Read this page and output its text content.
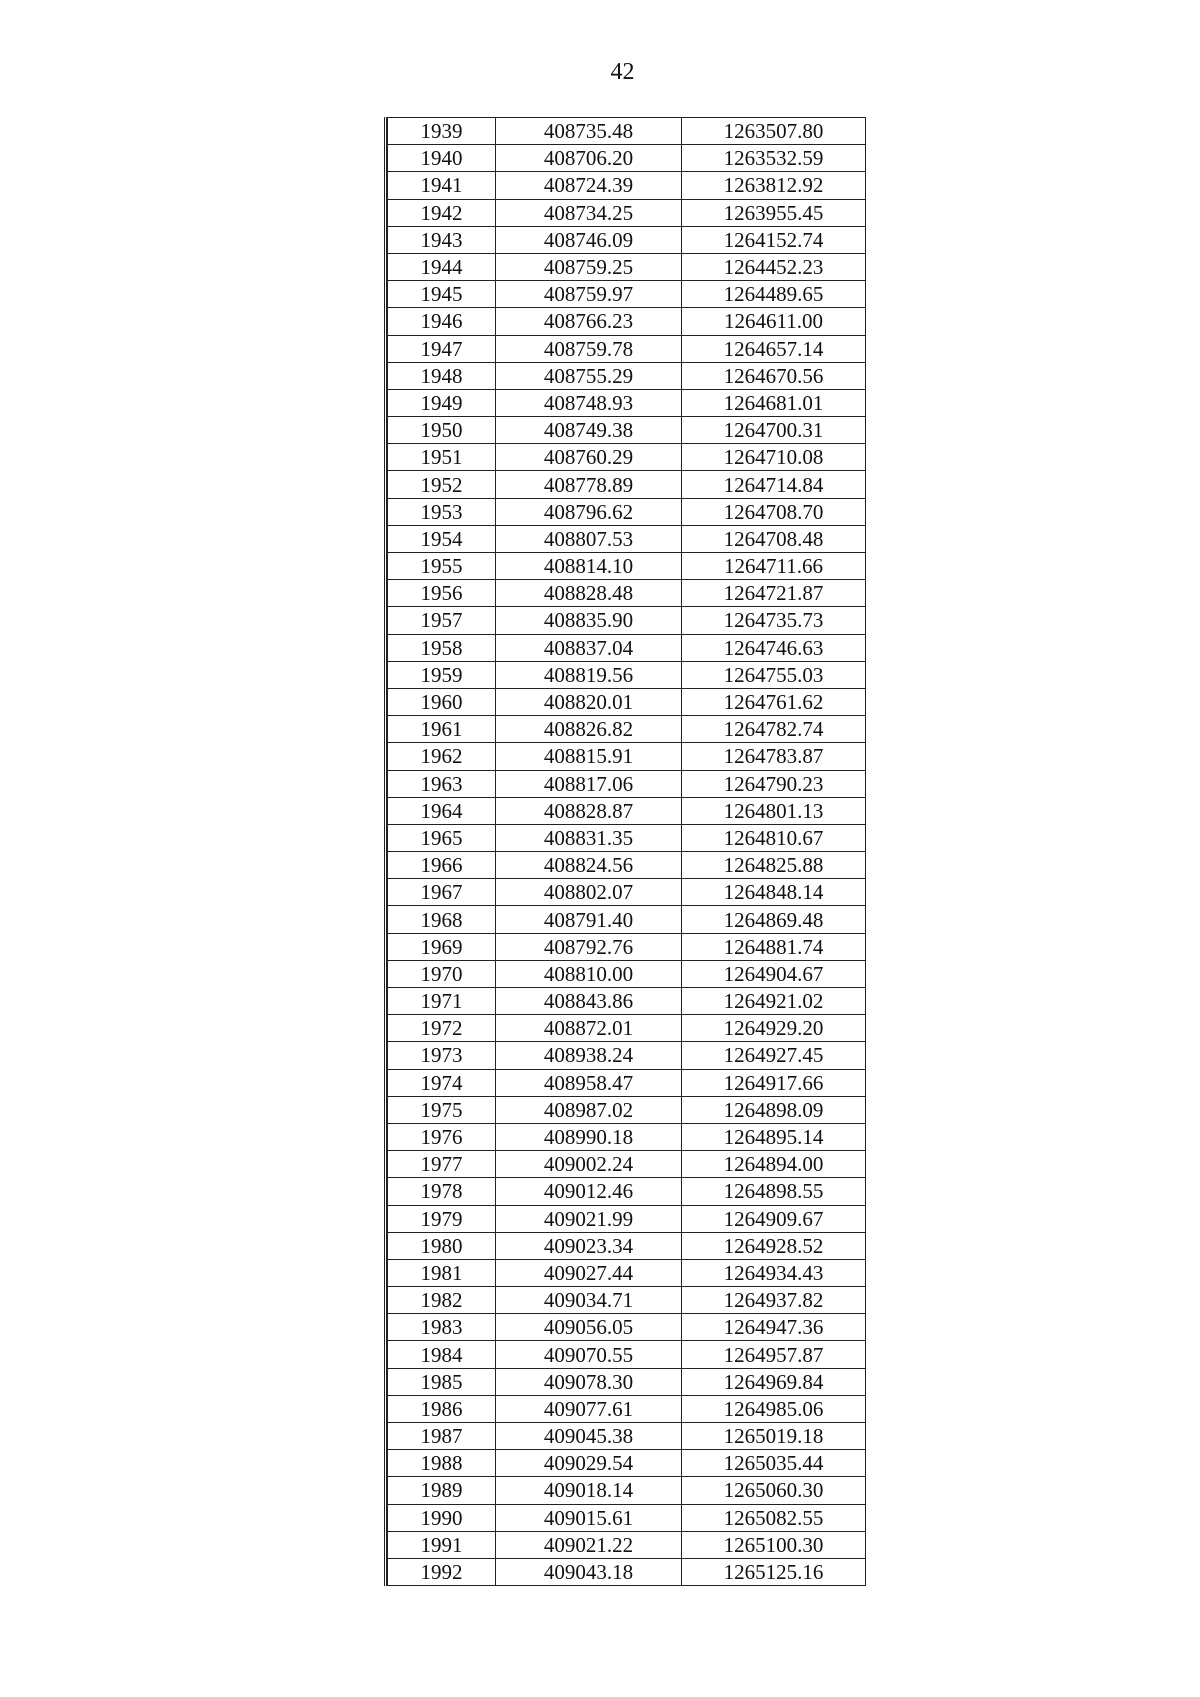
42
1939	408735.48	1263507.80
1940	408706.20	1263532.59
1941	408724.39	1263812.92
1942	408734.25	1263955.45
1943	408746.09	1264152.74
1944	408759.25	1264452.23
1945	408759.97	1264489.65
1946	408766.23	1264611.00
1947	408759.78	1264657.14
1948	408755.29	1264670.56
1949	408748.93	1264681.01
1950	408749.38	1264700.31
1951	408760.29	1264710.08
1952	408778.89	1264714.84
1953	408796.62	1264708.70
1954	408807.53	1264708.48
1955	408814.10	1264711.66
1956	408828.48	1264721.87
1957	408835.90	1264735.73
1958	408837.04	1264746.63
1959	408819.56	1264755.03
1960	408820.01	1264761.62
1961	408826.82	1264782.74
1962	408815.91	1264783.87
1963	408817.06	1264790.23
1964	408828.87	1264801.13
1965	408831.35	1264810.67
1966	408824.56	1264825.88
1967	408802.07	1264848.14
1968	408791.40	1264869.48
1969	408792.76	1264881.74
1970	408810.00	1264904.67
1971	408843.86	1264921.02
1972	408872.01	1264929.20
1973	408938.24	1264927.45
1974	408958.47	1264917.66
1975	408987.02	1264898.09
1976	408990.18	1264895.14
1977	409002.24	1264894.00
1978	409012.46	1264898.55
1979	409021.99	1264909.67
1980	409023.34	1264928.52
1981	409027.44	1264934.43
1982	409034.71	1264937.82
1983	409056.05	1264947.36
1984	409070.55	1264957.87
1985	409078.30	1264969.84
1986	409077.61	1264985.06
1987	409045.38	1265019.18
1988	409029.54	1265035.44
1989	409018.14	1265060.30
1990	409015.61	1265082.55
1991	409021.22	1265100.30
1992	409043.18	1265125.16
